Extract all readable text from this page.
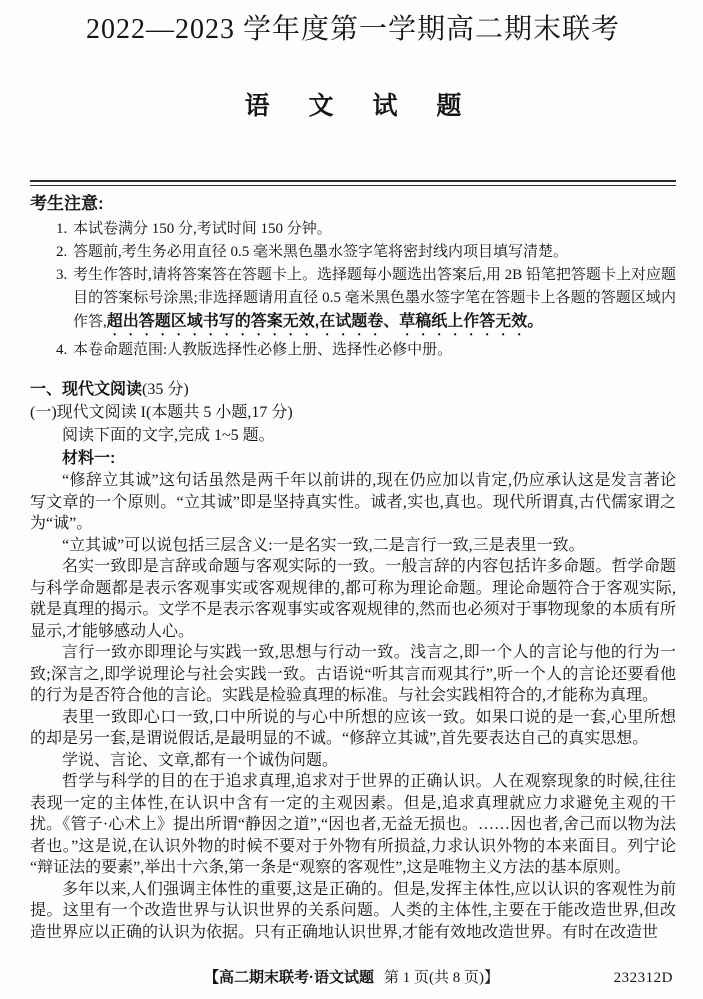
2022—2023 学年度第一学期高二期末联考
语 文 试 题
考生注意:
1. 本试卷满分 150 分,考试时间 150 分钟。
2. 答题前,考生务必用直径 0.5 毫米黑色墨水签字笔将密封线内项目填写清楚。
3. 考生作答时,请将答案答在答题卡上。选择题每小题选出答案后,用 2B 铅笔把答题卡上对应题目的答案标号涂黑;非选择题请用直径 0.5 毫米黑色墨水签字笔在答题卡上各题的答题区域内作答,超出答题区域书写的答案无效,在试题卷、草稿纸上作答无效。
4. 本卷命题范围:人教版选择性必修上册、选择性必修中册。
一、现代文阅读(35 分)
(一)现代文阅读 I(本题共 5 小题,17 分)
阅读下面的文字,完成 1~5 题。
材料一:

“修辞立其诚”这句话虽然是两千年以前讲的,现在仍应加以肯定,仍应承认这是发言著论写文章的一个原则。“立其诚”即是坚持真实性。诚者,实也,真也。现代所谓真,古代儒家谓之为“诚”。

“立其诚”可以说包括三层含义:一是名实一致,二是言行一致,三是表里一致。

名实一致即是言辞或命题与客观实际的一致。一般言辞的内容包括许多命题。哲学命题与科学命题都是表示客观事实或客观规律的,都可称为理论命题。理论命题符合于客观实际,就是真理的揭示。文学不是表示客观事实或客观规律的,然而也必须对于事物现象的本质有所显示,才能够感动人心。

言行一致亦即理论与实践一致,思想与行动一致。浅言之,即一个人的言论与他的行为一致;深言之,即学说理论与社会实践一致。古语说“听其言而观其行”,听一个人的言论还要看他的行为是否符合他的言论。实践是检验真理的标准。与社会实践相符合的,才能称为真理。

表里一致即心口一致,口中所说的与心中所想的应该一致。如果口说的是一套,心里所想的却是另一套,是谓说假话,是最明显的不诚。“修辞立其诚”,首先要表达自己的真实思想。

学说、言论、文章,都有一个诚伪问题。

哲学与科学的目的在于追求真理,追求对于世界的正确认识。人在观察现象的时候,往往表现一定的主体性,在认识中含有一定的主观因素。但是,追求真理就应力求避免主观的干扰。《管子·心术上》提出所谓“静因之道”,“因也者,无益无损也。……因也者,舍己而以物为法者也。”这是说,在认识外物的时候不要对于外物有所损益,力求认识外物的本来面目。列宁论“辩证法的要素”,举出十六条,第一条是“观察的客观性”,这是唯物主义方法的基本原则。

多年以来,人们强调主体性的重要,这是正确的。但是,发挥主体性,应以认识的客观性为前提。这里有一个改造世界与认识世界的关系问题。人类的主体性,主要在于能改造世界,但改造世界应以正确的认识为依据。只有正确地认识世界,才能有效地改造世界。有时在改造世

【高二期末联考·语文试题 第 1 页(共 8 页)】	232312D
